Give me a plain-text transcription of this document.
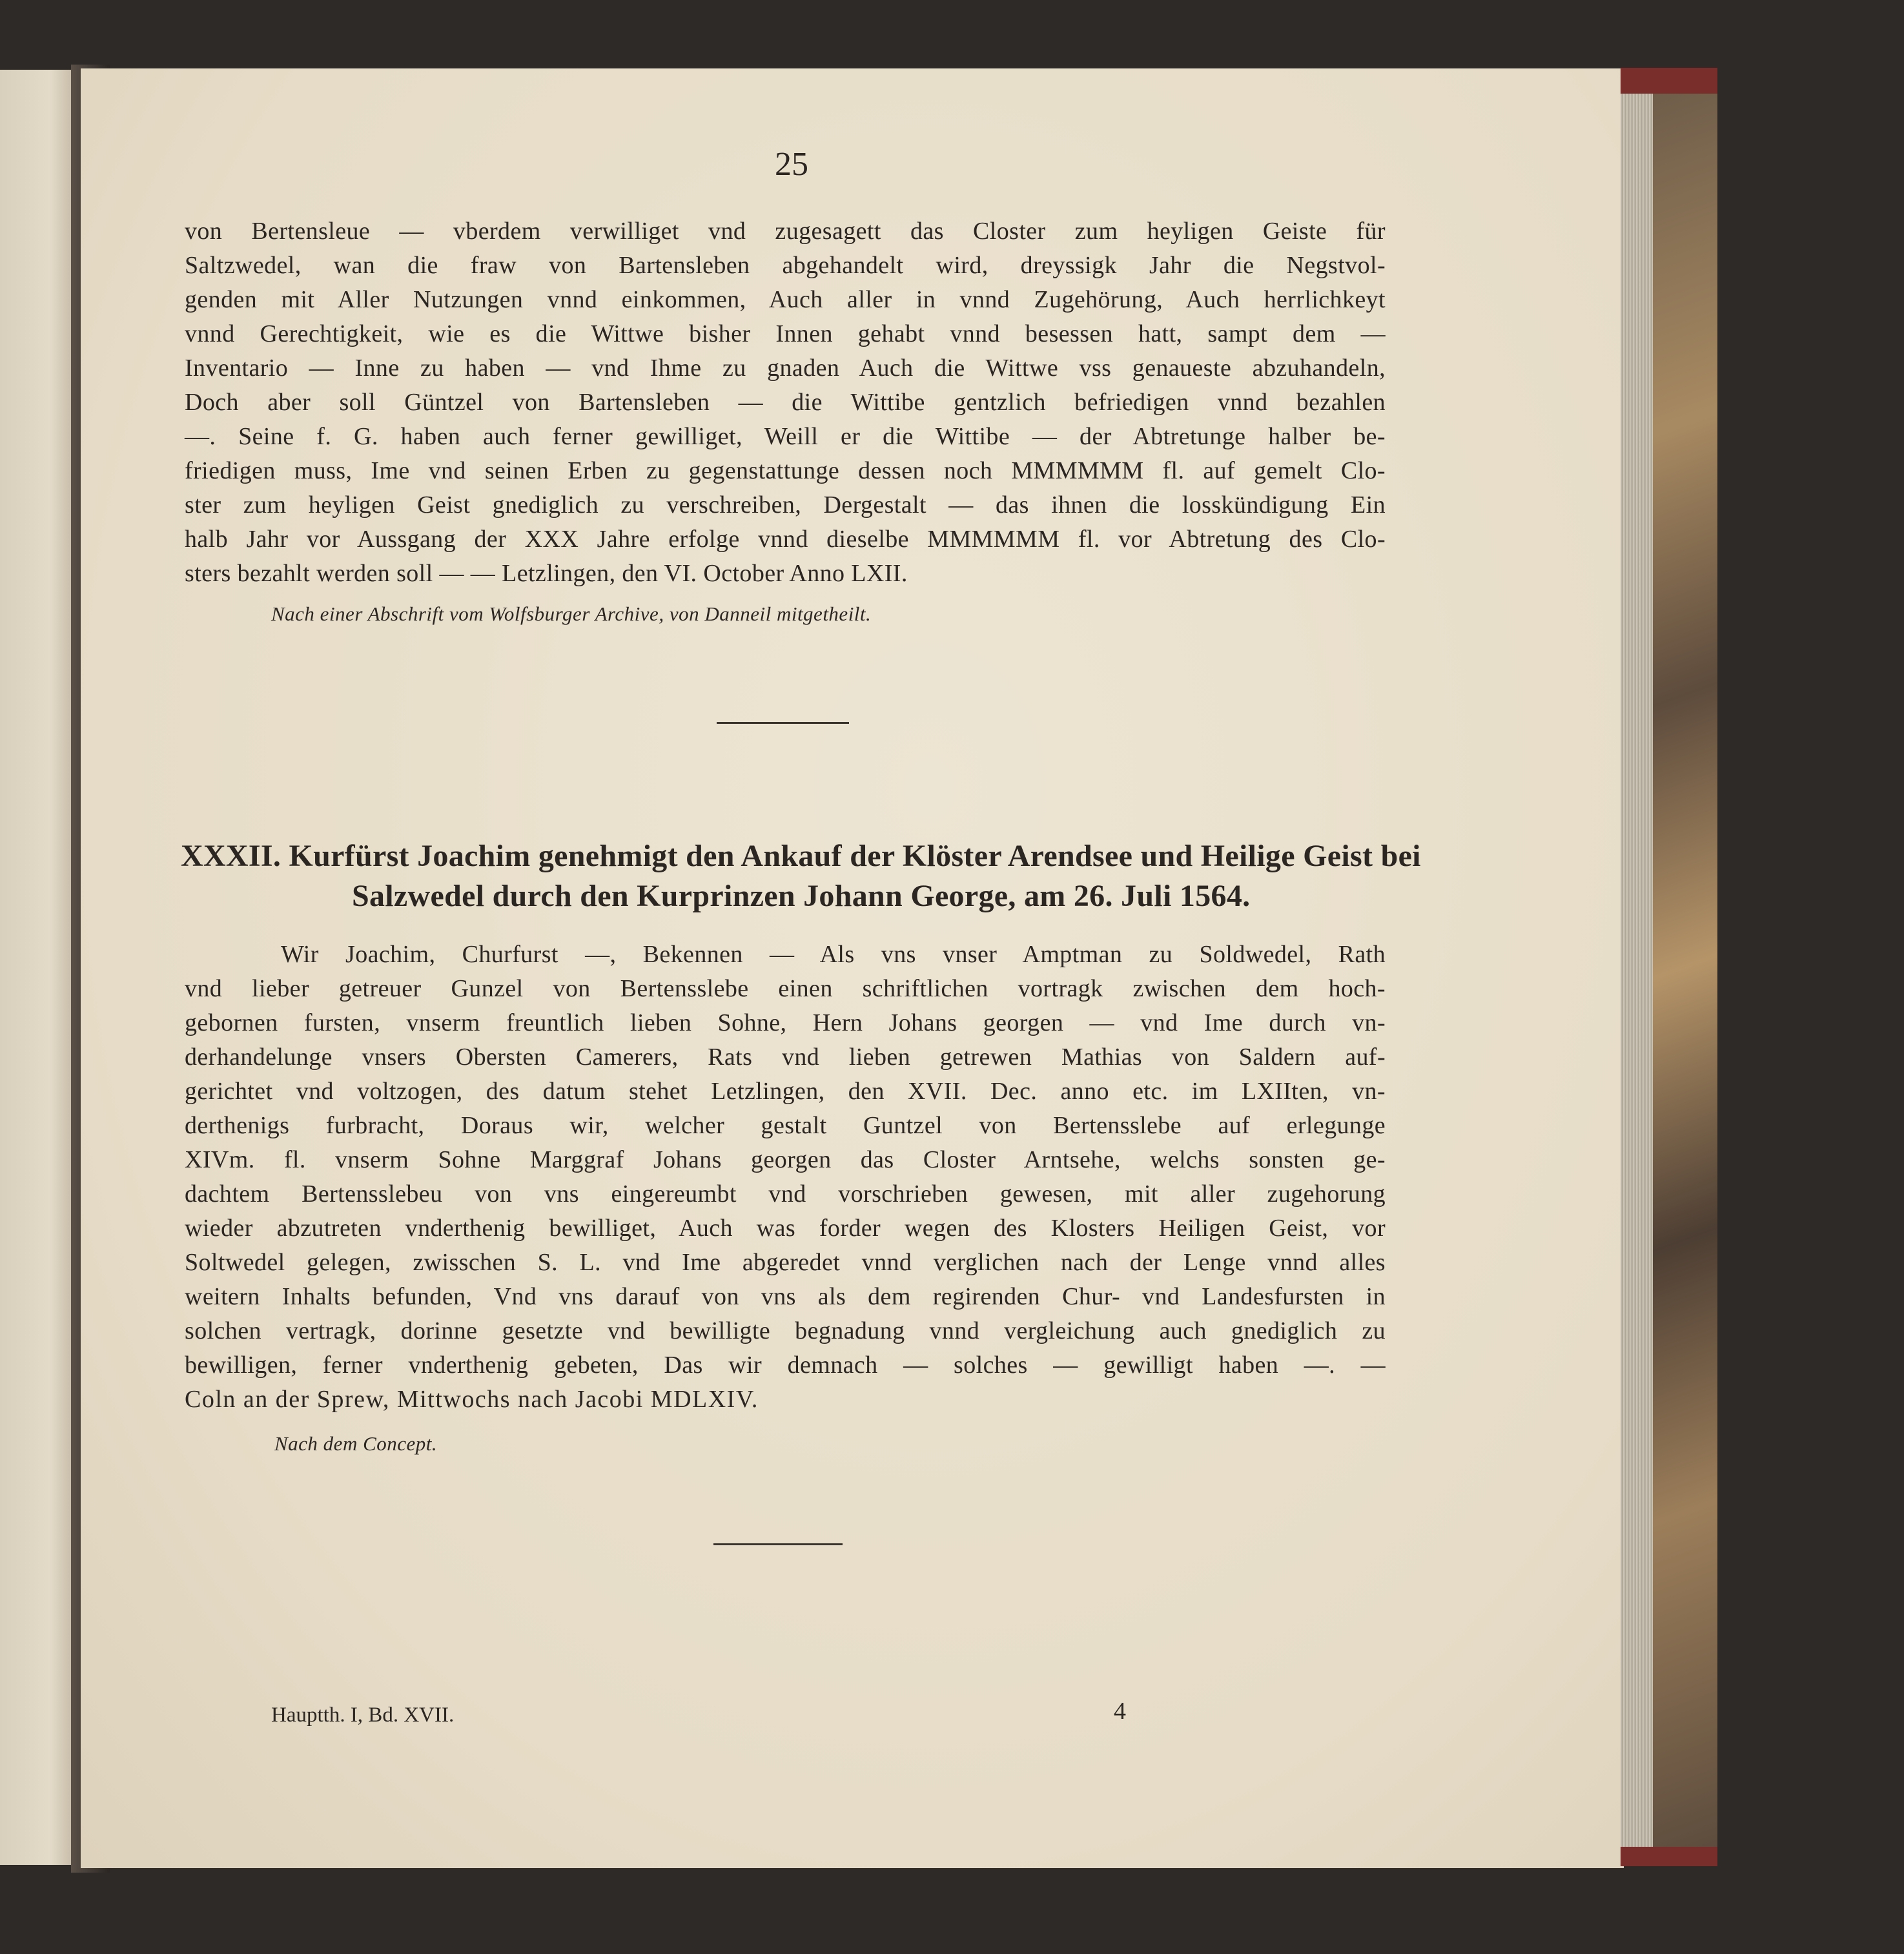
25
von Bertensleue — vberdem verwilliget vnd zugesagett das Closter zum heyligen Geiste für
Saltzwedel, wan die fraw von Bartensleben abgehandelt wird, dreyssigk Jahr die Negstvol-
genden mit Aller Nutzungen vnnd einkommen, Auch aller in vnnd Zugehörung, Auch herrlichkeyt
vnnd Gerechtigkeit, wie es die Wittwe bisher Innen gehabt vnnd besessen hatt, sampt dem —
Inventario — Inne zu haben — vnd Ihme zu gnaden Auch die Wittwe vss genaueste abzuhandeln,
Doch aber soll Güntzel von Bartensleben — die Wittibe gentzlich befriedigen vnnd bezahlen
—. Seine f. G. haben auch ferner gewilliget, Weill er die Wittibe — der Abtretunge halber be-
friedigen muss, Ime vnd seinen Erben zu gegenstattunge dessen noch MMMMMM fl. auf gemelt Clo-
ster zum heyligen Geist gnediglich zu verschreiben, Dergestalt — das ihnen die losskündigung Ein
halb Jahr vor Aussgang der XXX Jahre erfolge vnnd dieselbe MMMMMM fl. vor Abtretung des Clo-
sters bezahlt werden soll — — Letzlingen, den VI. October Anno LXII.
Nach einer Abschrift vom Wolfsburger Archive, von Danneil mitgetheilt.
XXXII. Kurfürst Joachim genehmigt den Ankauf der Klöster Arendsee und Heilige Geist bei
Salzwedel durch den Kurprinzen Johann George, am 26. Juli 1564.
Wir Joachim, Churfurst —, Bekennen — Als vns vnser Amptman zu Soldwedel, Rath
vnd lieber getreuer Gunzel von Bertensslebe einen schriftlichen vortragk zwischen dem hoch-
gebornen fursten, vnserm freuntlich lieben Sohne, Hern Johans georgen — vnd Ime durch vn-
derhandelunge vnsers Obersten Camerers, Rats vnd lieben getrewen Mathias von Saldern auf-
gerichtet vnd voltzogen, des datum stehet Letzlingen, den XVII. Dec. anno etc. im LXIIten, vn-
derthenigs furbracht, Doraus wir, welcher gestalt Guntzel von Bertensslebe auf erlegunge
XIVm. fl. vnserm Sohne Marggraf Johans georgen das Closter Arntsehe, welchs sonsten ge-
dachtem Bertensslebeu von vns eingereumbt vnd vorschrieben gewesen, mit aller zugehorung
wieder abzutreten vnderthenig bewilliget, Auch was forder wegen des Klosters Heiligen Geist, vor
Soltwedel gelegen, zwisschen S. L. vnd Ime abgeredet vnnd verglichen nach der Lenge vnnd alles
weitern Inhalts befunden, Vnd vns darauf von vns als dem regirenden Chur- vnd Landesfursten in
solchen vertragk, dorinne gesetzte vnd bewilligte begnadung vnnd vergleichung auch gnediglich zu
bewilligen, ferner vnderthenig gebeten, Das wir demnach — solches — gewilligt haben —. —
Coln an der Sprew, Mittwochs nach Jacobi MDLXIV.
Nach dem Concept.
Hauptth. I, Bd. XVII.	4
